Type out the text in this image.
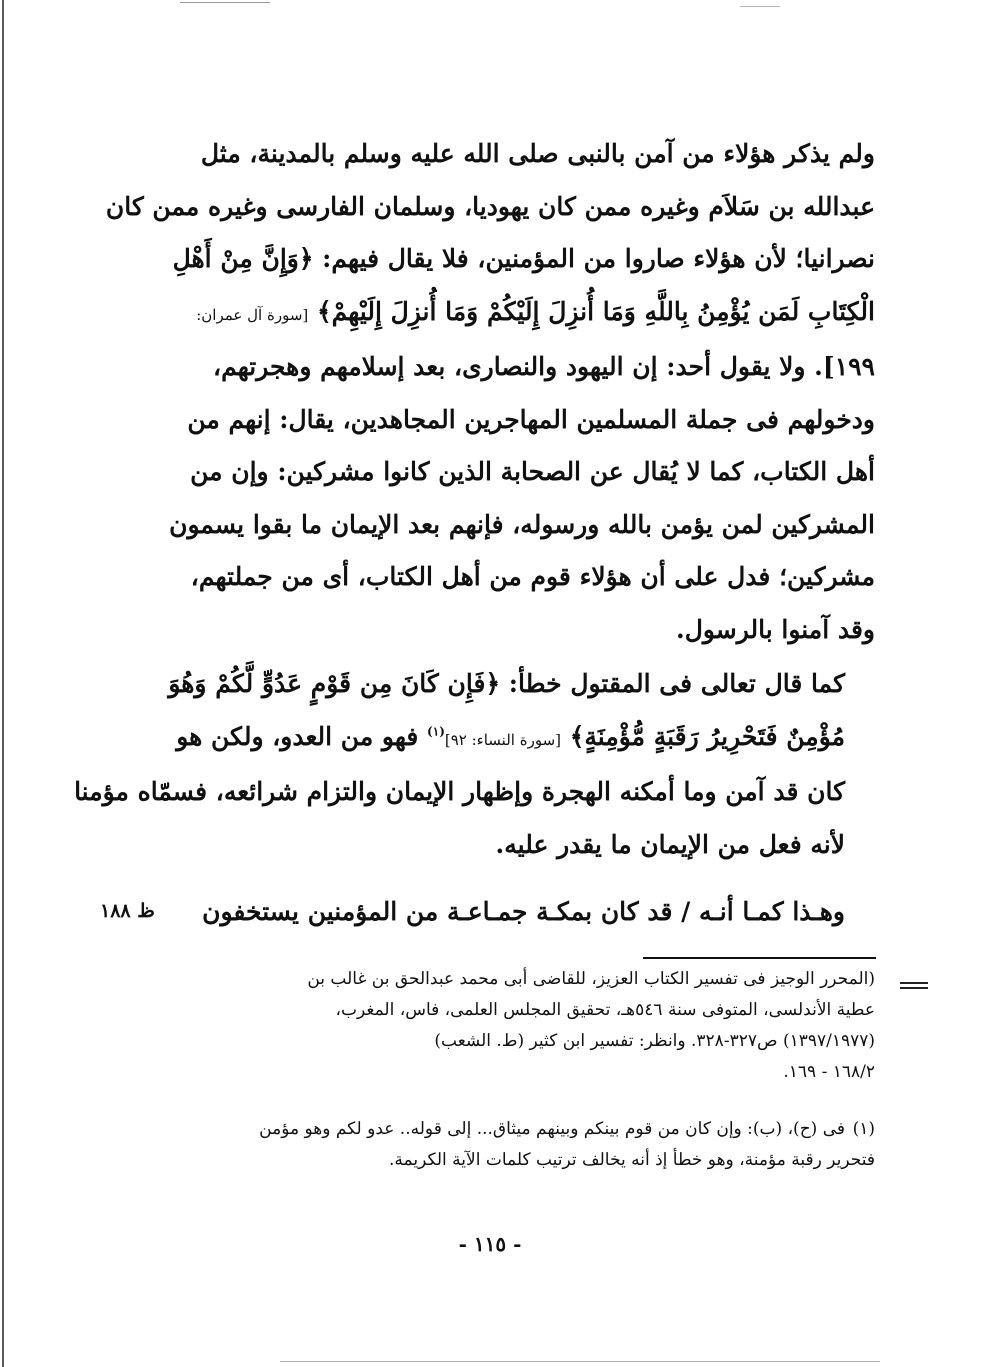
ولم يذكر هؤلاء من آمن بالنبى صلى الله عليه وسلم بالمدينة، مثل
عبدالله بن سَلاَم وغيره ممن كان يهوديا، وسلمان الفارسى وغيره ممن كان
نصرانيا؛ لأن هؤلاء صاروا من المؤمنين، فلا يقال فيهم: ﴿وَإِنَّ مِنْ أَهْلِ
الْكِتَابِ لَمَن يُؤْمِنُ بِاللَّهِ وَمَا أُنزِلَ إِلَيْكُمْ وَمَا أُنزِلَ إِلَيْهِمْ﴾ [سورة آل عمران:
١٩٩]. ولا يقول أحد: إن اليهود والنصارى، بعد إسلامهم وهجرتهم،
ودخولهم فى جملة المسلمين المهاجرين المجاهدين، يقال: إنهم من
أهل الكتاب، كما لا يُقال عن الصحابة الذين كانوا مشركين: وإن من
المشركين لمن يؤمن بالله ورسوله، فإنهم بعد الإيمان ما بقوا يسمون
مشركين؛ فدل على أن هؤلاء قوم من أهل الكتاب، أى من جملتهم،
وقد آمنوا بالرسول.
كما قال تعالى فى المقتول خطأ: ﴿فَإِن كَانَ مِن قَوْمٍ عَدُوٍّ لَّكُمْ وَهُوَ
مُؤْمِنٌ فَتَحْرِيرُ رَقَبَةٍ مُّؤْمِنَةٍ﴾ [سورة النساء: ٩٢]$^{(١)}$ فهو من العدو، ولكن هو
كان قد آمن وما أمكنه الهجرة وإظهار الإيمان والتزام شرائعه، فسمّاه مؤمنا
لأنه فعل من الإيمان ما يقدر عليه.
وهـذا كمـا أنـه / قد كان بمكـة جمـاعـة من المؤمنين يستخفون
ظ ١٨٨
(المحرر الوجيز فى تفسير الكتاب العزيز، للقاضى أبى محمد عبدالحق بن غالب بن
عطية الأندلسى، المتوفى سنة ٥٤٦هـ، تحقيق المجلس العلمى، فاس، المغرب،
(١٣٩٧/١٩٧٧) ص٣٢٧-٣٢٨. وانظر: تفسير ابن كثير (ط. الشعب)
١٦٨/٢ - ١٦٩.
(١)فى (ح)، (ب): وإن كان من قوم بينكم وبينهم ميثاق... إلى قوله.. عدو لكم وهو مؤمن
فتحرير رقبة مؤمنة، وهو خطأ إذ أنه يخالف ترتيب كلمات الآية الكريمة.
- ١١٥ -
